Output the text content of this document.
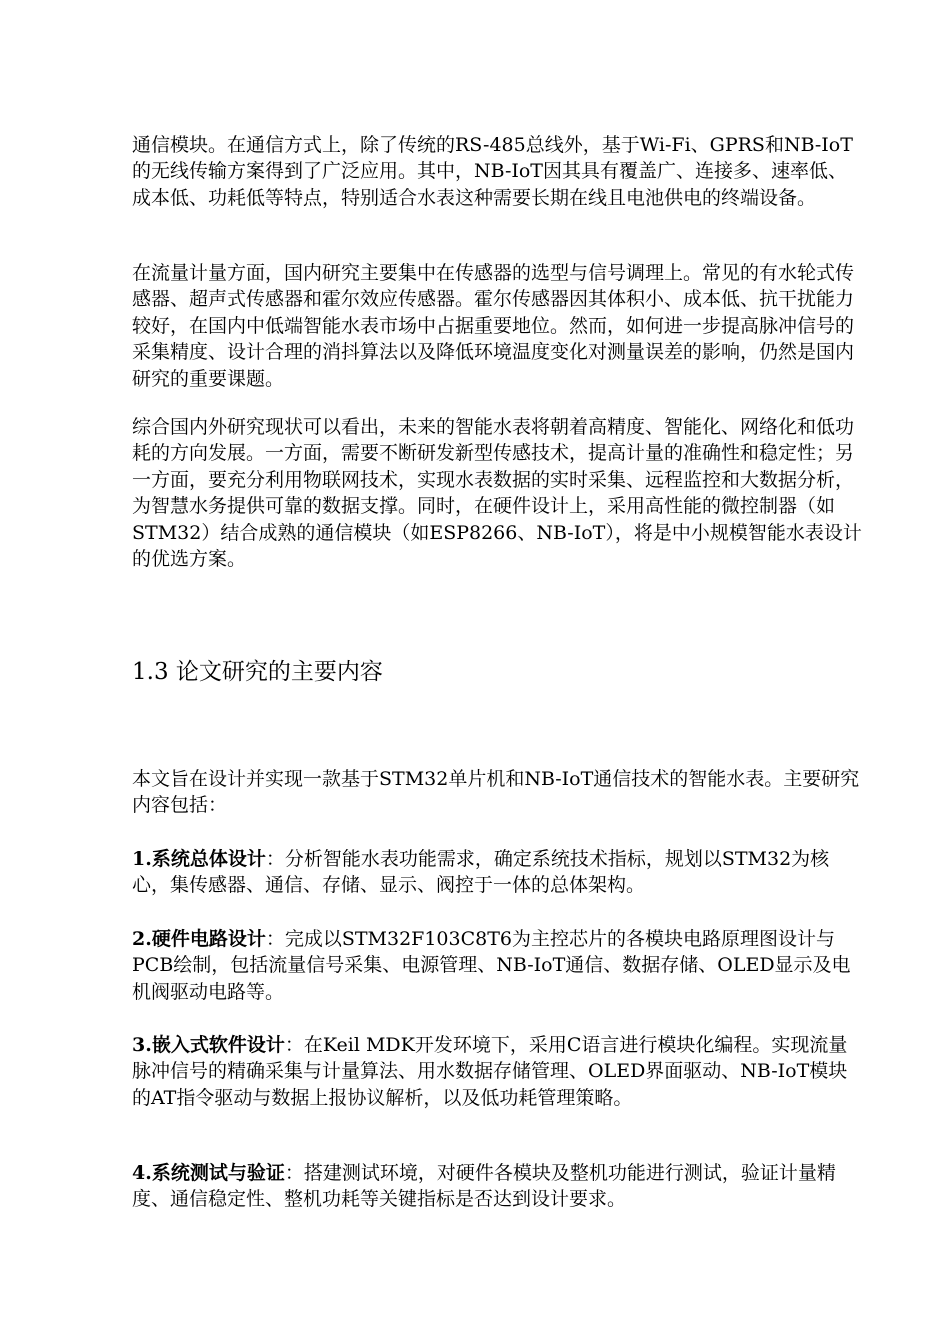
通信模块。在通信方式上，除了传统的RS-485总线外，基于Wi-Fi、GPRS和NB-IoT的无线传输方案得到了广泛应用。其中，NB-IoT因其具有覆盖广、连接多、速率低、成本低、功耗低等特点，特别适合水表这种需要长期在线且电池供电的终端设备。

在流量计量方面，国内研究主要集中在传感器的选型与信号调理上。常见的有水轮式传感器、超声式传感器和霍尔效应传感器。霍尔传感器因其体积小、成本低、抗干扰能力较好，在国内中低端智能水表市场中占据重要地位。然而，如何进一步提高脉冲信号的采集精度、设计合理的消抖算法以及降低环境温度变化对测量误差的影响，仍然是国内研究的重要课题。

综合国内外研究现状可以看出，未来的智能水表将朝着高精度、智能化、网络化和低功耗的方向发展。一方面，需要不断研发新型传感技术，提高计量的准确性和稳定性；另一方面，要充分利用物联网技术，实现水表数据的实时采集、远程监控和大数据分析，为智慧水务提供可靠的数据支撑。同时，在硬件设计上，采用高性能的微控制器（如STM32）结合成熟的通信模块（如ESP8266、NB-IoT），将是中小规模智能水表设计的优选方案。

1.3 论文研究的主要内容

本文旨在设计并实现一款基于STM32单片机和NB-IoT通信技术的智能水表。主要研究内容包括：

1.系统总体设计：分析智能水表功能需求，确定系统技术指标，规划以STM32为核心，集传感器、通信、存储、显示、阀控于一体的总体架构。

2.硬件电路设计：完成以STM32F103C8T6为主控芯片的各模块电路原理图设计与PCB绘制，包括流量信号采集、电源管理、NB-IoT通信、数据存储、OLED显示及电机阀驱动电路等。

3.嵌入式软件设计：在Keil MDK开发环境下，采用C语言进行模块化编程。实现流量脉冲信号的精确采集与计量算法、用水数据存储管理、OLED界面驱动、NB-IoT模块的AT指令驱动与数据上报协议解析，以及低功耗管理策略。

4.系统测试与验证：搭建测试环境，对硬件各模块及整机功能进行测试，验证计量精度、通信稳定性、整机功耗等关键指标是否达到设计要求。
